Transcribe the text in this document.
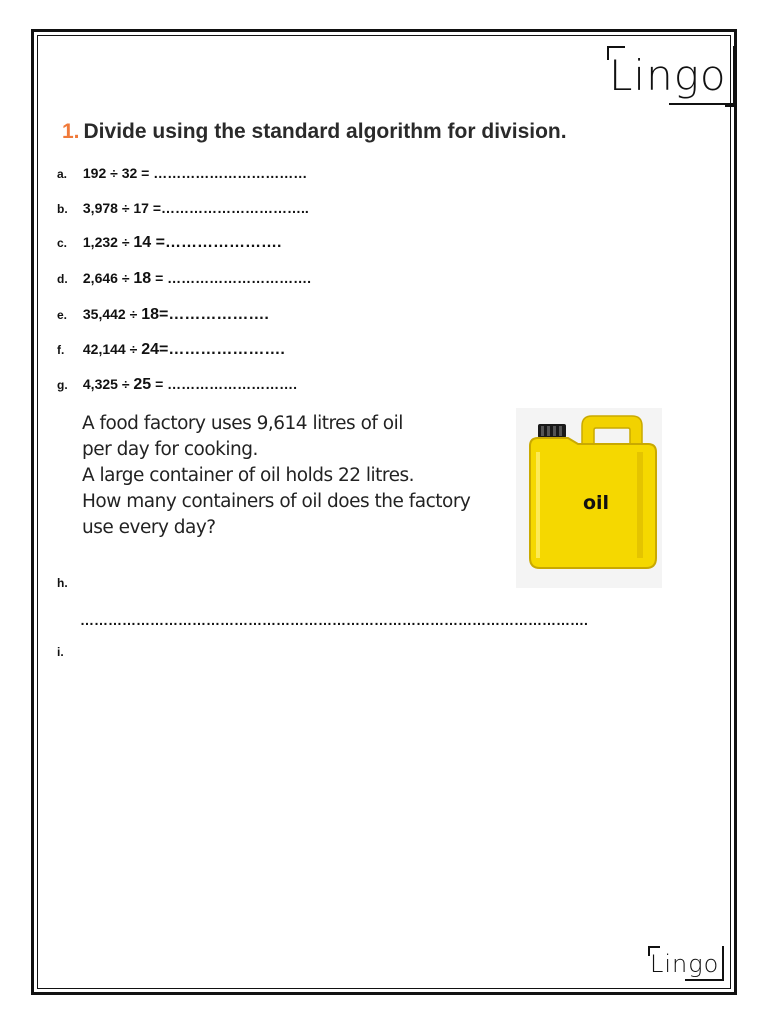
Lingo
1. Divide using the standard algorithm for division.
a. 192 ÷ 32 = ……………………………
b. 3,978 ÷ 17 =…………………………..
c. 1,232 ÷ 14 =………………….
d. 2,646 ÷ 18 = ………………………….
e. 35,442 ÷ 18=……………….
f. 42,144 ÷ 24=………………….
g. 4,325 ÷ 25 = ……………………….
A food factory uses 9,614 litres of oil
per day for cooking.
A large container of oil holds 22 litres.
How many containers of oil does the factory
use every day?
oil
h.
……………………………………………………………………………………………….
i.
Lingo
